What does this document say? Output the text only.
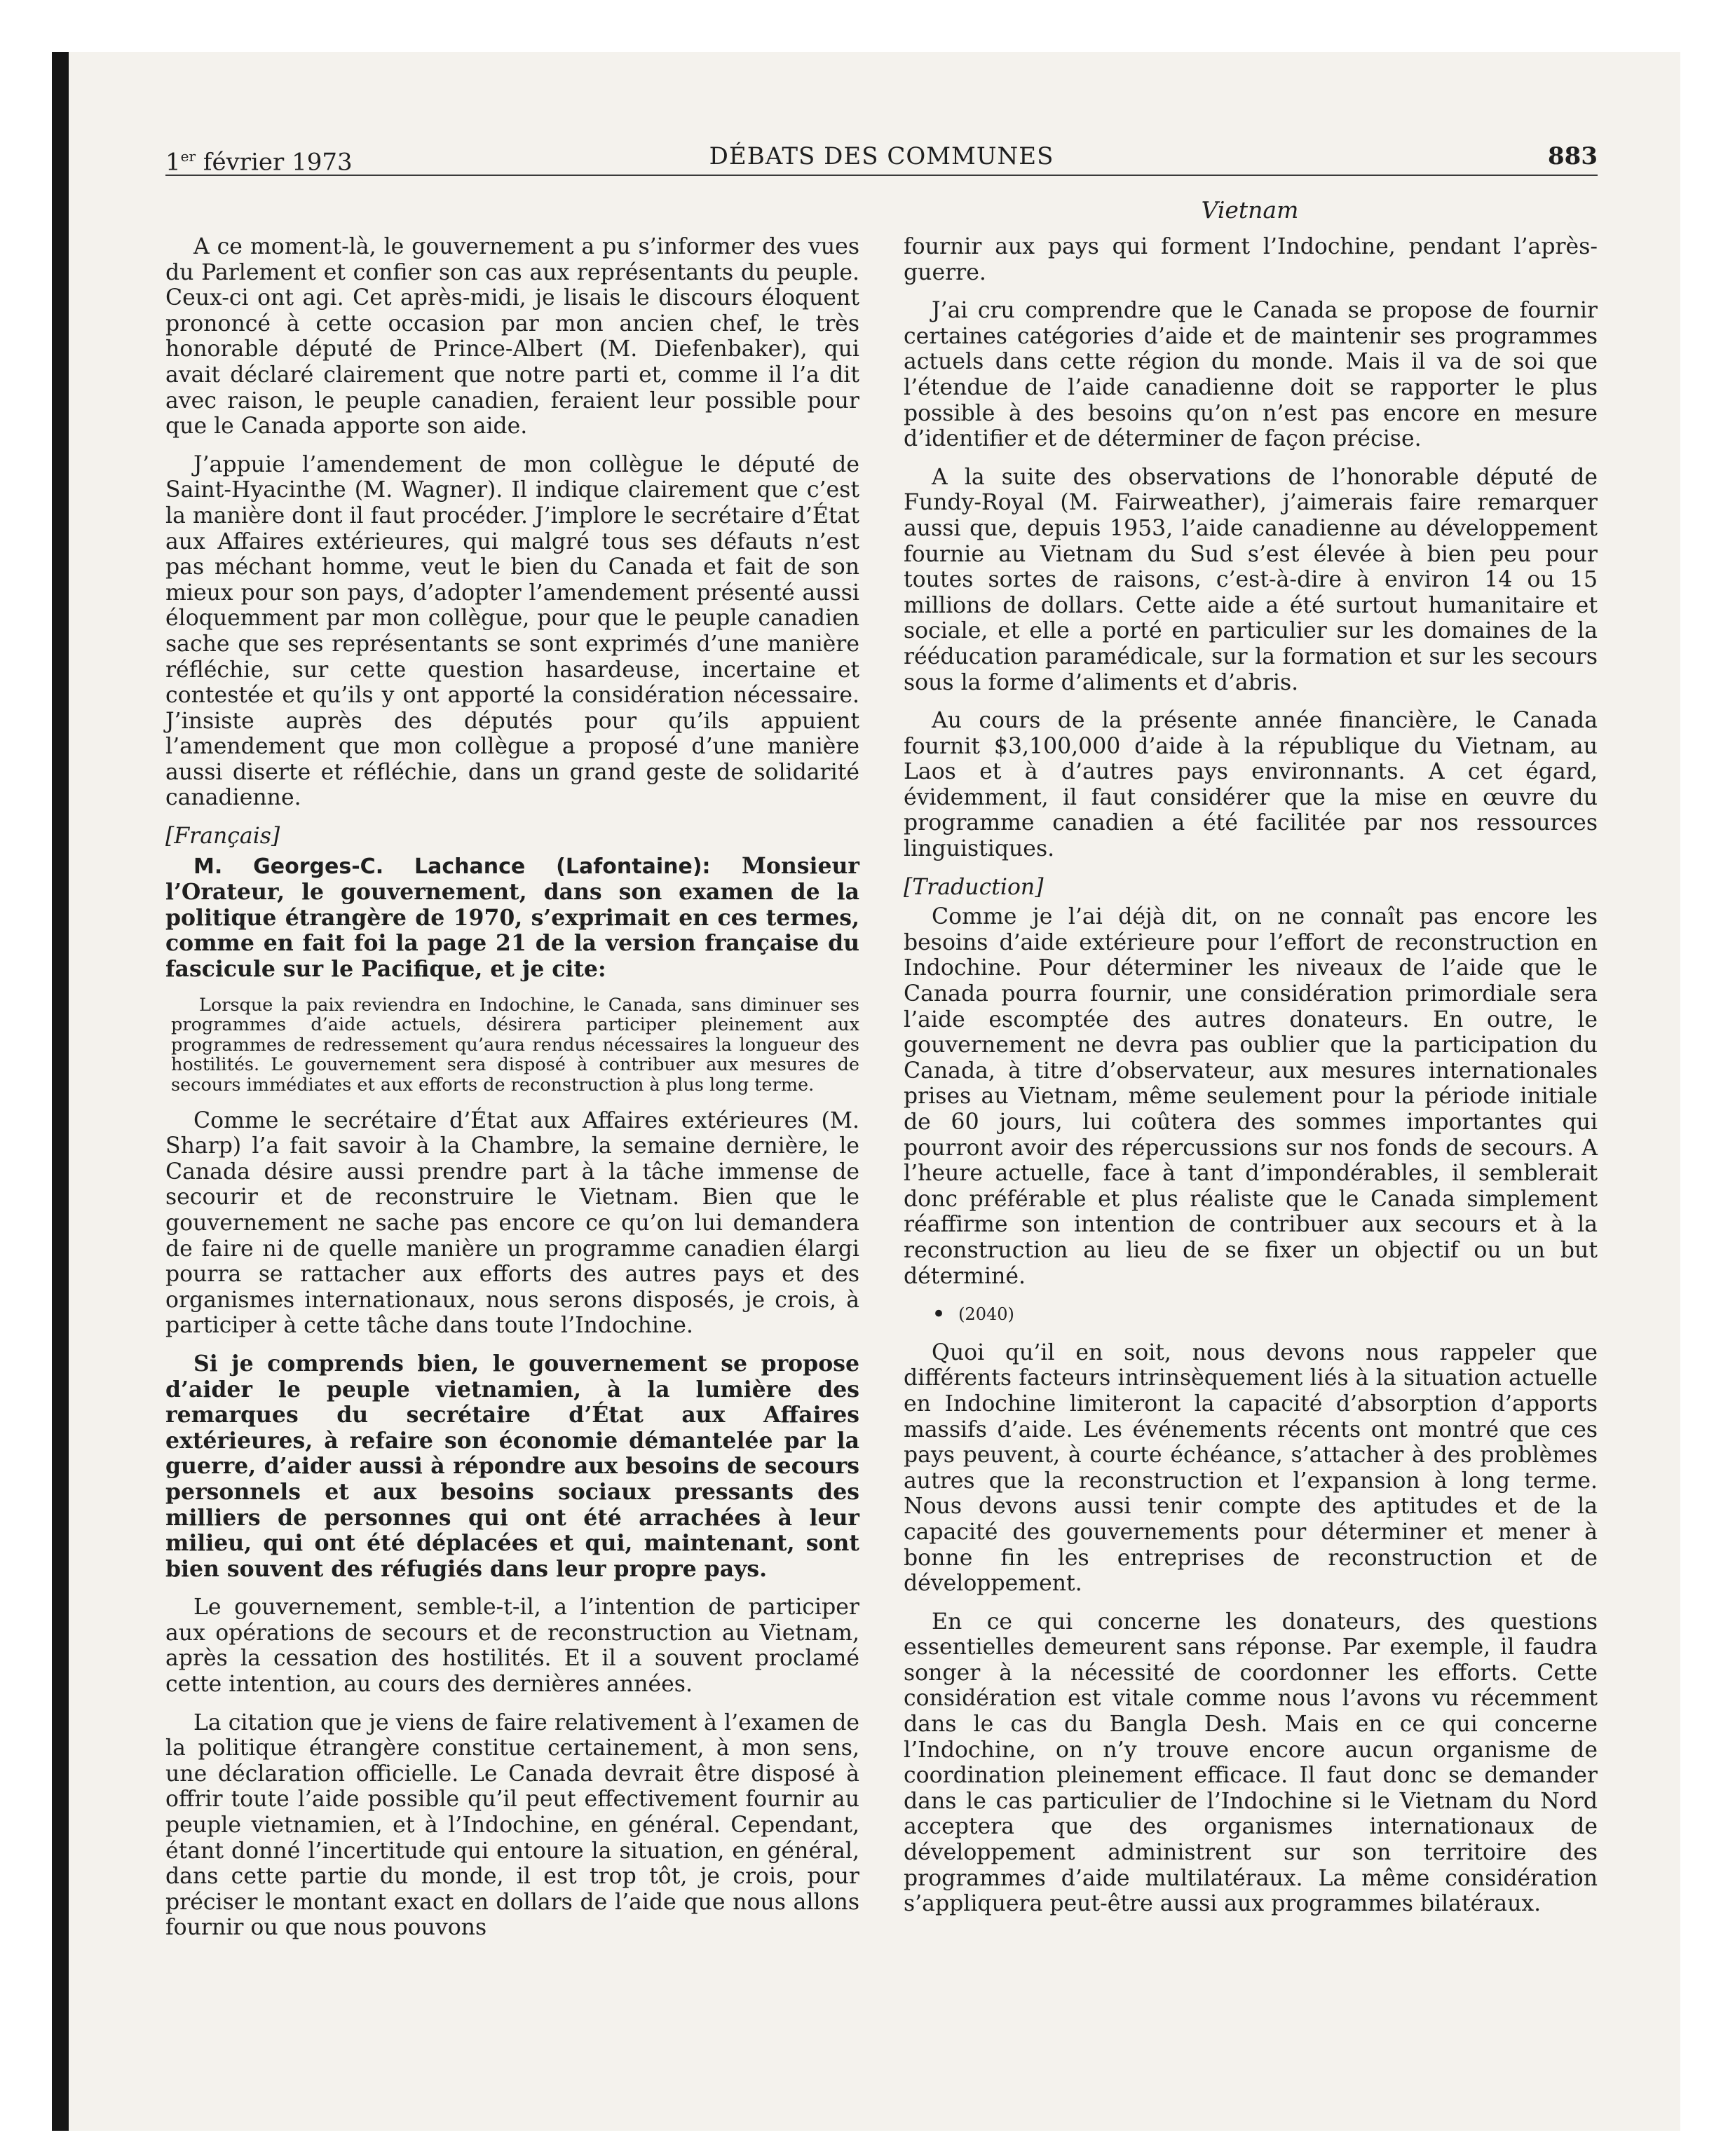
1er février 1973	DÉBATS DES COMMUNES	883
Vietnam

A ce moment-là, le gouvernement a pu s’informer des vues du Parlement et confier son cas aux représentants du peuple. Ceux-ci ont agi. Cet après-midi, je lisais le discours éloquent prononcé à cette occasion par mon ancien chef, le très honorable député de Prince-Albert (M. Diefenbaker), qui avait déclaré clairement que notre parti et, comme il l’a dit avec raison, le peuple canadien, feraient leur possible pour que le Canada apporte son aide.

J’appuie l’amendement de mon collègue le député de Saint-Hyacinthe (M. Wagner). Il indique clairement que c’est la manière dont il faut procéder. J’implore le secrétaire d’État aux Affaires extérieures, qui malgré tous ses défauts n’est pas méchant homme, veut le bien du Canada et fait de son mieux pour son pays, d’adopter l’amendement présenté aussi éloquemment par mon collègue, pour que le peuple canadien sache que ses représentants se sont exprimés d’une manière réfléchie, sur cette question hasardeuse, incertaine et contestée et qu’ils y ont apporté la considération nécessaire. J’insiste auprès des députés pour qu’ils appuient l’amendement que mon collègue a proposé d’une manière aussi diserte et réfléchie, dans un grand geste de solidarité canadienne.

[Français]

M. Georges-C. Lachance (Lafontaine): Monsieur l’Orateur, le gouvernement, dans son examen de la politique étrangère de 1970, s’exprimait en ces termes, comme en fait foi la page 21 de la version française du fascicule sur le Pacifique, et je cite:

Lorsque la paix reviendra en Indochine, le Canada, sans diminuer ses programmes d’aide actuels, désirera participer pleinement aux programmes de redressement qu’aura rendus nécessaires la longueur des hostilités. Le gouvernement sera disposé à contribuer aux mesures de secours immédiates et aux efforts de reconstruction à plus long terme.

Comme le secrétaire d’État aux Affaires extérieures (M. Sharp) l’a fait savoir à la Chambre, la semaine dernière, le Canada désire aussi prendre part à la tâche immense de secourir et de reconstruire le Vietnam. Bien que le gouvernement ne sache pas encore ce qu’on lui demandera de faire ni de quelle manière un programme canadien élargi pourra se rattacher aux efforts des autres pays et des organismes internationaux, nous serons disposés, je crois, à participer à cette tâche dans toute l’Indochine.

Si je comprends bien, le gouvernement se propose d’aider le peuple vietnamien, à la lumière des remarques du secrétaire d’État aux Affaires extérieures, à refaire son économie démantelée par la guerre, d’aider aussi à répondre aux besoins de secours personnels et aux besoins sociaux pressants des milliers de personnes qui ont été arrachées à leur milieu, qui ont été déplacées et qui, maintenant, sont bien souvent des réfugiés dans leur propre pays.

Le gouvernement, semble-t-il, a l’intention de participer aux opérations de secours et de reconstruction au Vietnam, après la cessation des hostilités. Et il a souvent proclamé cette intention, au cours des dernières années.

La citation que je viens de faire relativement à l’examen de la politique étrangère constitue certainement, à mon sens, une déclaration officielle. Le Canada devrait être disposé à offrir toute l’aide possible qu’il peut effectivement fournir au peuple vietnamien, et à l’Indochine, en général. Cependant, étant donné l’incertitude qui entoure la situation, en général, dans cette partie du monde, il est trop tôt, je crois, pour préciser le montant exact en dollars de l’aide que nous allons fournir ou que nous pouvons

fournir aux pays qui forment l’Indochine, pendant l’après-guerre.

J’ai cru comprendre que le Canada se propose de fournir certaines catégories d’aide et de maintenir ses programmes actuels dans cette région du monde. Mais il va de soi que l’étendue de l’aide canadienne doit se rapporter le plus possible à des besoins qu’on n’est pas encore en mesure d’identifier et de déterminer de façon précise.

A la suite des observations de l’honorable député de Fundy-Royal (M. Fairweather), j’aimerais faire remarquer aussi que, depuis 1953, l’aide canadienne au développement fournie au Vietnam du Sud s’est élevée à bien peu pour toutes sortes de raisons, c’est-à-dire à environ 14 ou 15 millions de dollars. Cette aide a été surtout humanitaire et sociale, et elle a porté en particulier sur les domaines de la rééducation paramédicale, sur la formation et sur les secours sous la forme d’aliments et d’abris.

Au cours de la présente année financière, le Canada fournit $3,100,000 d’aide à la république du Vietnam, au Laos et à d’autres pays environnants. A cet égard, évidemment, il faut considérer que la mise en œuvre du programme canadien a été facilitée par nos ressources linguistiques.

[Traduction]

Comme je l’ai déjà dit, on ne connaît pas encore les besoins d’aide extérieure pour l’effort de reconstruction en Indochine. Pour déterminer les niveaux de l’aide que le Canada pourra fournir, une considération primordiale sera l’aide escomptée des autres donateurs. En outre, le gouvernement ne devra pas oublier que la participation du Canada, à titre d’observateur, aux mesures internationales prises au Vietnam, même seulement pour la période initiale de 60 jours, lui coûtera des sommes importantes qui pourront avoir des répercussions sur nos fonds de secours. A l’heure actuelle, face à tant d’impondérables, il semblerait donc préférable et plus réaliste que le Canada simplement réaffirme son intention de contribuer aux secours et à la reconstruction au lieu de se fixer un objectif ou un but déterminé.

• (2040)

Quoi qu’il en soit, nous devons nous rappeler que différents facteurs intrinsèquement liés à la situation actuelle en Indochine limiteront la capacité d’absorption d’apports massifs d’aide. Les événements récents ont montré que ces pays peuvent, à courte échéance, s’attacher à des problèmes autres que la reconstruction et l’expansion à long terme. Nous devons aussi tenir compte des aptitudes et de la capacité des gouvernements pour déterminer et mener à bonne fin les entreprises de reconstruction et de développement.

En ce qui concerne les donateurs, des questions essentielles demeurent sans réponse. Par exemple, il faudra songer à la nécessité de coordonner les efforts. Cette considération est vitale comme nous l’avons vu récemment dans le cas du Bangla Desh. Mais en ce qui concerne l’Indochine, on n’y trouve encore aucun organisme de coordination pleinement efficace. Il faut donc se demander dans le cas particulier de l’Indochine si le Vietnam du Nord acceptera que des organismes internationaux de développement administrent sur son territoire des programmes d’aide multilatéraux. La même considération s’appliquera peut-être aussi aux programmes bilatéraux.
